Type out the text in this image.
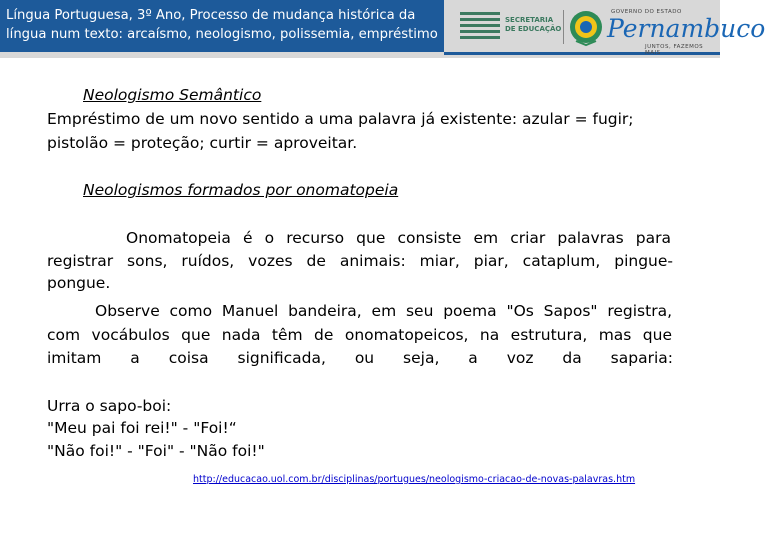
Língua Portuguesa, 3º Ano, Processo de mudança histórica da
língua num texto: arcaísmo, neologismo, polissemia, empréstimo
SECRETARIA
DE EDUCAÇÃO
GOVERNO DO ESTADO
Pernambuco
JUNTOS, FAZEMOS MAIS
Neologismo Semântico
Empréstimo de um novo sentido a uma palavra já existente: azular = fugir;
pistolão = proteção; curtir = aproveitar.
Neologismos formados por onomatopeia
Onomatopeia é o recurso que consiste em criar palavras para
registrar sons, ruídos, vozes de animais: miar, piar, cataplum, pingue-
pongue.
Observe como Manuel bandeira, em seu poema "Os Sapos" registra,
com vocábulos que nada têm de onomatopeicos, na estrutura, mas que
imitam a coisa significada, ou seja, a voz da saparia:
Urra o sapo-boi:
"Meu pai foi rei!" - "Foi!“
"Não foi!" - "Foi" - "Não foi!"
http://educacao.uol.com.br/disciplinas/portugues/neologismo-criacao-de-novas-palavras.htm
